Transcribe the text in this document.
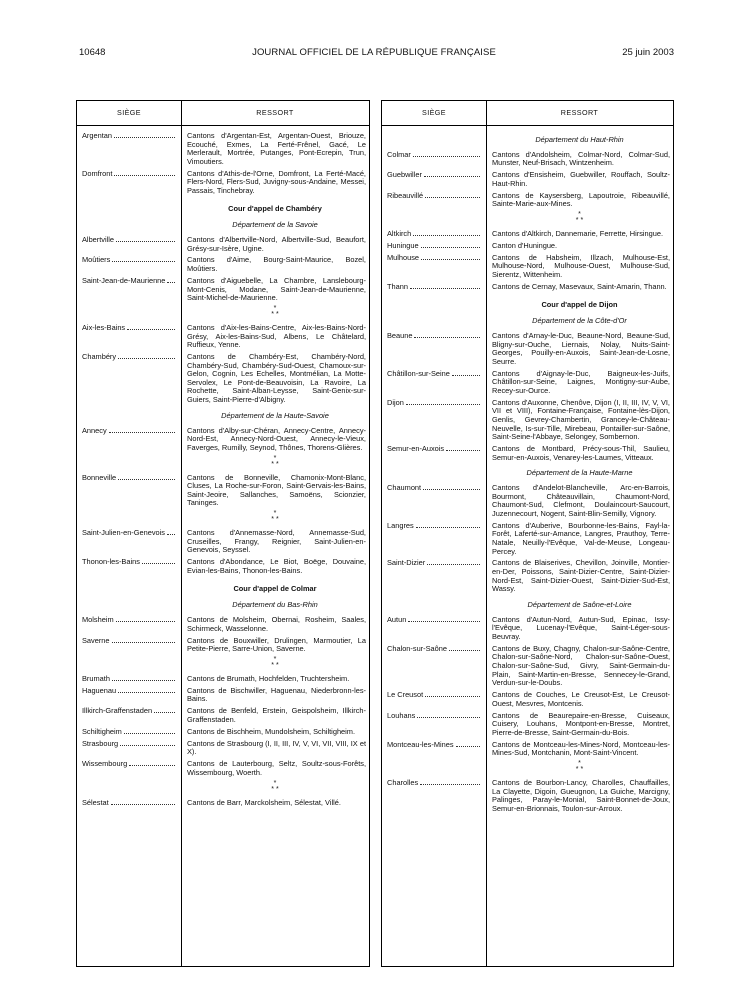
10648	JOURNAL OFFICIEL DE LA RÉPUBLIQUE FRANÇAISE	25 juin 2003
SIÈGE	RESSORT
Argentan	Cantons d'Argentan-Est, Argentan-Ouest, Briouze, Ecouché, Exmes, La Ferté-Frênel, Gacé, Le Merlerault, Mortrée, Putanges, Pont-Ecrepin, Trun, Vimoutiers.
Domfront	Cantons d'Athis-de-l'Orne, Domfront, La Ferté-Macé, Flers-Nord, Flers-Sud, Juvigny-sous-Andaine, Messei, Passais, Tinchebray.
Cour d'appel de Chambéry
Département de la Savoie
Albertville	Cantons d'Albertville-Nord, Albertville-Sud, Beaufort, Grésy-sur-Isère, Ugine.
Moûtiers	Cantons d'Aime, Bourg-Saint-Maurice, Bozel, Moûtiers.
Saint-Jean-de-Maurienne	Cantons d'Aiguebelle, La Chambre, Lanslebourg-Mont-Cenis, Modane, Saint-Jean-de-Maurienne, Saint-Michel-de-Maurienne.
*
* *
Aix-les-Bains	Cantons d'Aix-les-Bains-Centre, Aix-les-Bains-Nord-Grésy, Aix-les-Bains-Sud, Albens, Le Châtelard, Ruffieux, Yenne.
Chambéry	Cantons de Chambéry-Est, Chambéry-Nord, Chambéry-Sud, Chambéry-Sud-Ouest, Chamoux-sur-Gelon, Cognin, Les Echelles, Montmélian, La Motte-Servolex, Le Pont-de-Beauvoisin, La Ravoire, La Rochette, Saint-Alban-Leysse, Saint-Genix-sur-Guiers, Saint-Pierre-d'Albigny.
Département de la Haute-Savoie
Annecy	Cantons d'Alby-sur-Chéran, Annecy-Centre, Annecy-Nord-Est, Annecy-Nord-Ouest, Annecy-le-Vieux, Faverges, Rumilly, Seynod, Thônes, Thorens-Glières.
*
* *
Bonneville	Cantons de Bonneville, Chamonix-Mont-Blanc, Cluses, La Roche-sur-Foron, Saint-Gervais-les-Bains, Saint-Jeoire, Sallanches, Samoëns, Scionzier, Taninges.
*
* *
Saint-Julien-en-Genevois	Cantons d'Annemasse-Nord, Annemasse-Sud, Cruseilles, Frangy, Reignier, Saint-Julien-en-Genevois, Seyssel.
Thonon-les-Bains	Cantons d'Abondance, Le Biot, Boëge, Douvaine, Evian-les-Bains, Thonon-les-Bains.
Cour d'appel de Colmar
Département du Bas-Rhin
Molsheim	Cantons de Molsheim, Obernai, Rosheim, Saales, Schirmeck, Wasselonne.
Saverne	Cantons de Bouxwiller, Drulingen, Marmoutier, La Petite-Pierre, Sarre-Union, Saverne.
*
* *
Brumath	Cantons de Brumath, Hochfelden, Truchtersheim.
Haguenau	Cantons de Bischwiller, Haguenau, Niederbronn-les-Bains.
Illkirch-Graffenstaden	Cantons de Benfeld, Erstein, Geispolsheim, Illkirch-Graffenstaden.
Schiltigheim	Cantons de Bischheim, Mundolsheim, Schiltigheim.
Strasbourg	Cantons de Strasbourg (I, II, III, IV, V, VI, VII, VIII, IX et X).
Wissembourg	Cantons de Lauterbourg, Seltz, Soultz-sous-Forêts, Wissembourg, Woerth.
*
* *
Sélestat	Cantons de Barr, Marckolsheim, Sélestat, Villé.
SIÈGE	RESSORT
Département du Haut-Rhin
Colmar	Cantons d'Andolsheim, Colmar-Nord, Colmar-Sud, Munster, Neuf-Brisach, Wintzenheim.
Guebwiller	Cantons d'Ensisheim, Guebwiller, Rouffach, Soultz-Haut-Rhin.
Ribeauvillé	Cantons de Kaysersberg, Lapoutroie, Ribeauvillé, Sainte-Marie-aux-Mines.
*
* *
Altkirch	Cantons d'Altkirch, Dannemarie, Ferrette, Hirsingue.
Huningue	Canton d'Huningue.
Mulhouse	Cantons de Habsheim, Illzach, Mulhouse-Est, Mulhouse-Nord, Mulhouse-Ouest, Mulhouse-Sud, Sierentz, Wittenheim.
Thann	Cantons de Cernay, Masevaux, Saint-Amarin, Thann.
Cour d'appel de Dijon
Département de la Côte-d'Or
Beaune	Cantons d'Arnay-le-Duc, Beaune-Nord, Beaune-Sud, Bligny-sur-Ouche, Liernais, Nolay, Nuits-Saint-Georges, Pouilly-en-Auxois, Saint-Jean-de-Losne, Seurre.
Châtillon-sur-Seine	Cantons d'Aignay-le-Duc, Baigneux-les-Juifs, Châtillon-sur-Seine, Laignes, Montigny-sur-Aube, Recey-sur-Ource.
Dijon	Cantons d'Auxonne, Chenôve, Dijon (I, II, III, IV, V, VI, VII et VIII), Fontaine-Française, Fontaine-lès-Dijon, Genlis, Gevrey-Chambertin, Grancey-le-Château-Neuvelle, Is-sur-Tille, Mirebeau, Pontailler-sur-Saône, Saint-Seine-l'Abbaye, Selongey, Sombernon.
Semur-en-Auxois	Cantons de Montbard, Précy-sous-Thil, Saulieu, Semur-en-Auxois, Venarey-les-Laumes, Vitteaux.
Département de la Haute-Marne
Chaumont	Cantons d'Andelot-Blancheville, Arc-en-Barrois, Bourmont, Châteauvillain, Chaumont-Nord, Chaumont-Sud, Clefmont, Doulaincourt-Saucourt, Juzennecourt, Nogent, Saint-Blin-Semilly, Vignory.
Langres	Cantons d'Auberive, Bourbonne-les-Bains, Fayl-la-Forêt, Laferté-sur-Amance, Langres, Prauthoy, Terre-Natale, Neuilly-l'Evêque, Val-de-Meuse, Longeau-Percey.
Saint-Dizier	Cantons de Blaiserives, Chevillon, Joinville, Montier-en-Der, Poissons, Saint-Dizier-Centre, Saint-Dizier-Nord-Est, Saint-Dizier-Ouest, Saint-Dizier-Sud-Est, Wassy.
Département de Saône-et-Loire
Autun	Cantons d'Autun-Nord, Autun-Sud, Epinac, Issy-l'Evêque, Lucenay-l'Evêque, Saint-Léger-sous-Beuvray.
Chalon-sur-Saône	Cantons de Buxy, Chagny, Chalon-sur-Saône-Centre, Chalon-sur-Saône-Nord, Chalon-sur-Saône-Ouest, Chalon-sur-Saône-Sud, Givry, Saint-Germain-du-Plain, Saint-Martin-en-Bresse, Sennecey-le-Grand, Verdun-sur-le-Doubs.
Le Creusot	Cantons de Couches, Le Creusot-Est, Le Creusot-Ouest, Mesvres, Montcenis.
Louhans	Cantons de Beaurepaire-en-Bresse, Cuiseaux, Cuisery, Louhans, Montpont-en-Bresse, Montret, Pierre-de-Bresse, Saint-Germain-du-Bois.
Montceau-les-Mines	Cantons de Montceau-les-Mines-Nord, Montceau-les-Mines-Sud, Montchanin, Mont-Saint-Vincent.
*
* *
Charolles	Cantons de Bourbon-Lancy, Charolles, Chauffailles, La Clayette, Digoin, Gueugnon, La Guiche, Marcigny, Palinges, Paray-le-Monial, Saint-Bonnet-de-Joux, Semur-en-Brionnais, Toulon-sur-Arroux.
